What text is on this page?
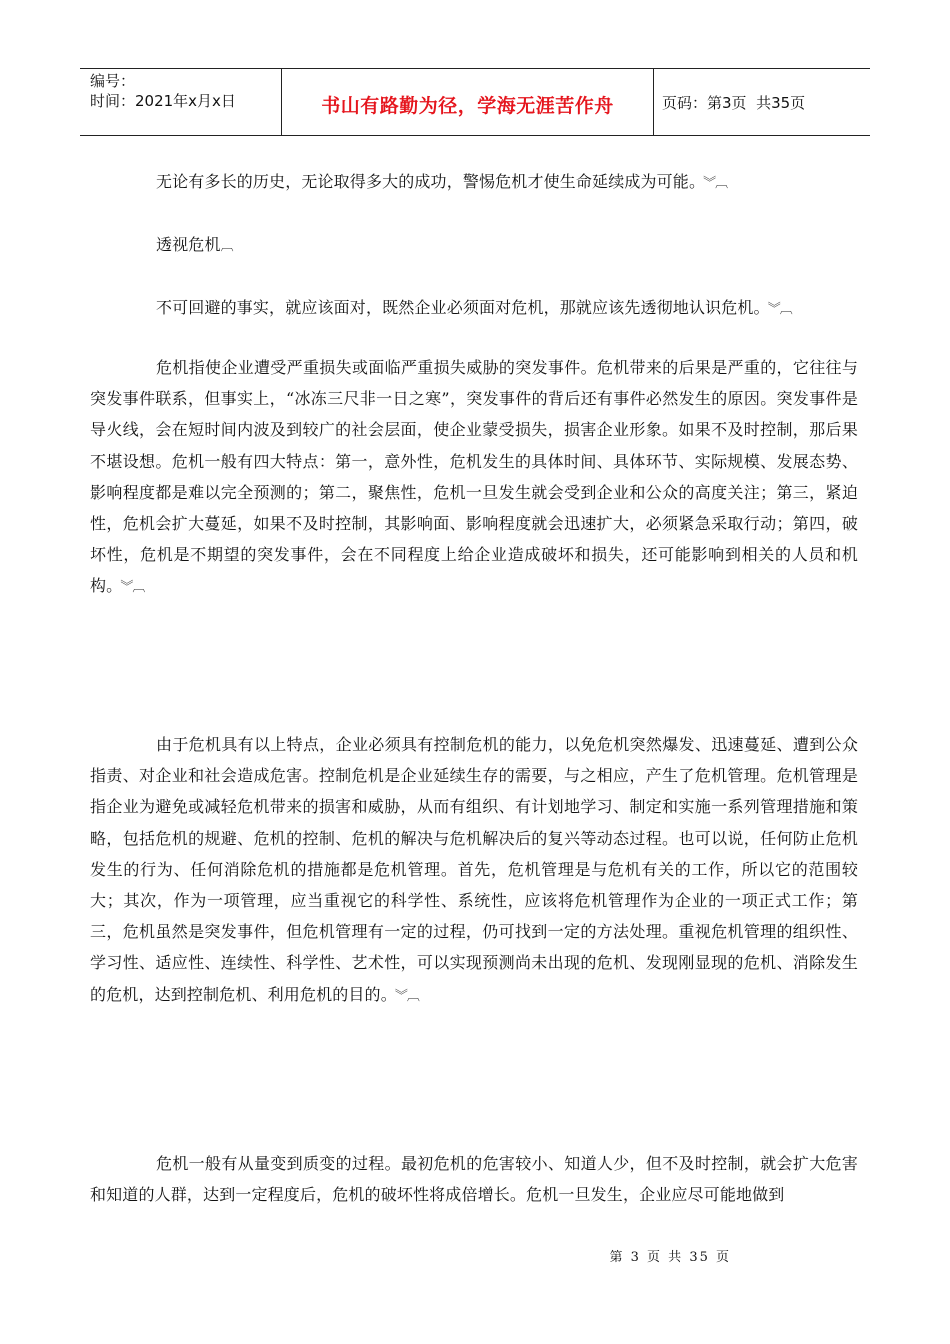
编号：
时间：2021年x月x日	书山有路勤为径，学海无涯苦作舟	页码：第3页  共35页
无论有多长的历史，无论取得多大的成功，警惕危机才使生命延续成为可能。 ︾︹
透视危机︹
不可回避的事实，就应该面对，既然企业必须面对危机，那就应该先透彻地认识危机。 ︾︹
危机指使企业遭受严重损失或面临严重损失威胁的突发事件。危机带来的后果是严重的，它往往与突发事件联系，但事实上，“冰冻三尺非一日之寒”，突发事件的背后还有事件必然发生的原因。突发事件是导火线，会在短时间内波及到较广的社会层面，使企业蒙受损失，损害企业形象。如果不及时控制，那后果不堪设想。危机一般有四大特点：第一，意外性，危机发生的具体时间、具体环节、实际规模、发展态势、影响程度都是难以完全预测的；第二，聚焦性，危机一旦发生就会受到企业和公众的高度关注；第三，紧迫性，危机会扩大蔓延，如果不及时控制，其影响面、影响程度就会迅速扩大，必须紧急采取行动；第四，破坏性，危机是不期望的突发事件，会在不同程度上给企业造成破坏和损失，还可能影响到相关的人员和机构。 ︾︹
由于危机具有以上特点，企业必须具有控制危机的能力，以免危机突然爆发、迅速蔓延、遭到公众指责、对企业和社会造成危害。控制危机是企业延续生存的需要，与之相应，产生了危机管理。危机管理是指企业为避免或减轻危机带来的损害和威胁，从而有组织、有计划地学习、制定和实施一系列管理措施和策略，包括危机的规避、危机的控制、危机的解决与危机解决后的复兴等动态过程。也可以说，任何防止危机发生的行为、任何消除危机的措施都是危机管理。首先，危机管理是与危机有关的工作，所以它的范围较大；其次，作为一项管理，应当重视它的科学性、系统性，应该将危机管理作为企业的一项正式工作；第三，危机虽然是突发事件，但危机管理有一定的过程，仍可找到一定的方法处理。重视危机管理的组织性、学习性、适应性、连续性、科学性、艺术性，可以实现预测尚未出现的危机、发现刚显现的危机、消除发生的危机，达到控制危机、利用危机的目的。 ︾︹
危机一般有从量变到质变的过程。最初危机的危害较小、知道人少，但不及时控制，就会扩大危害和知道的人群，达到一定程度后，危机的破坏性将成倍增长。危机一旦发生，企业应尽可能地做到
第 3 页 共 35 页
